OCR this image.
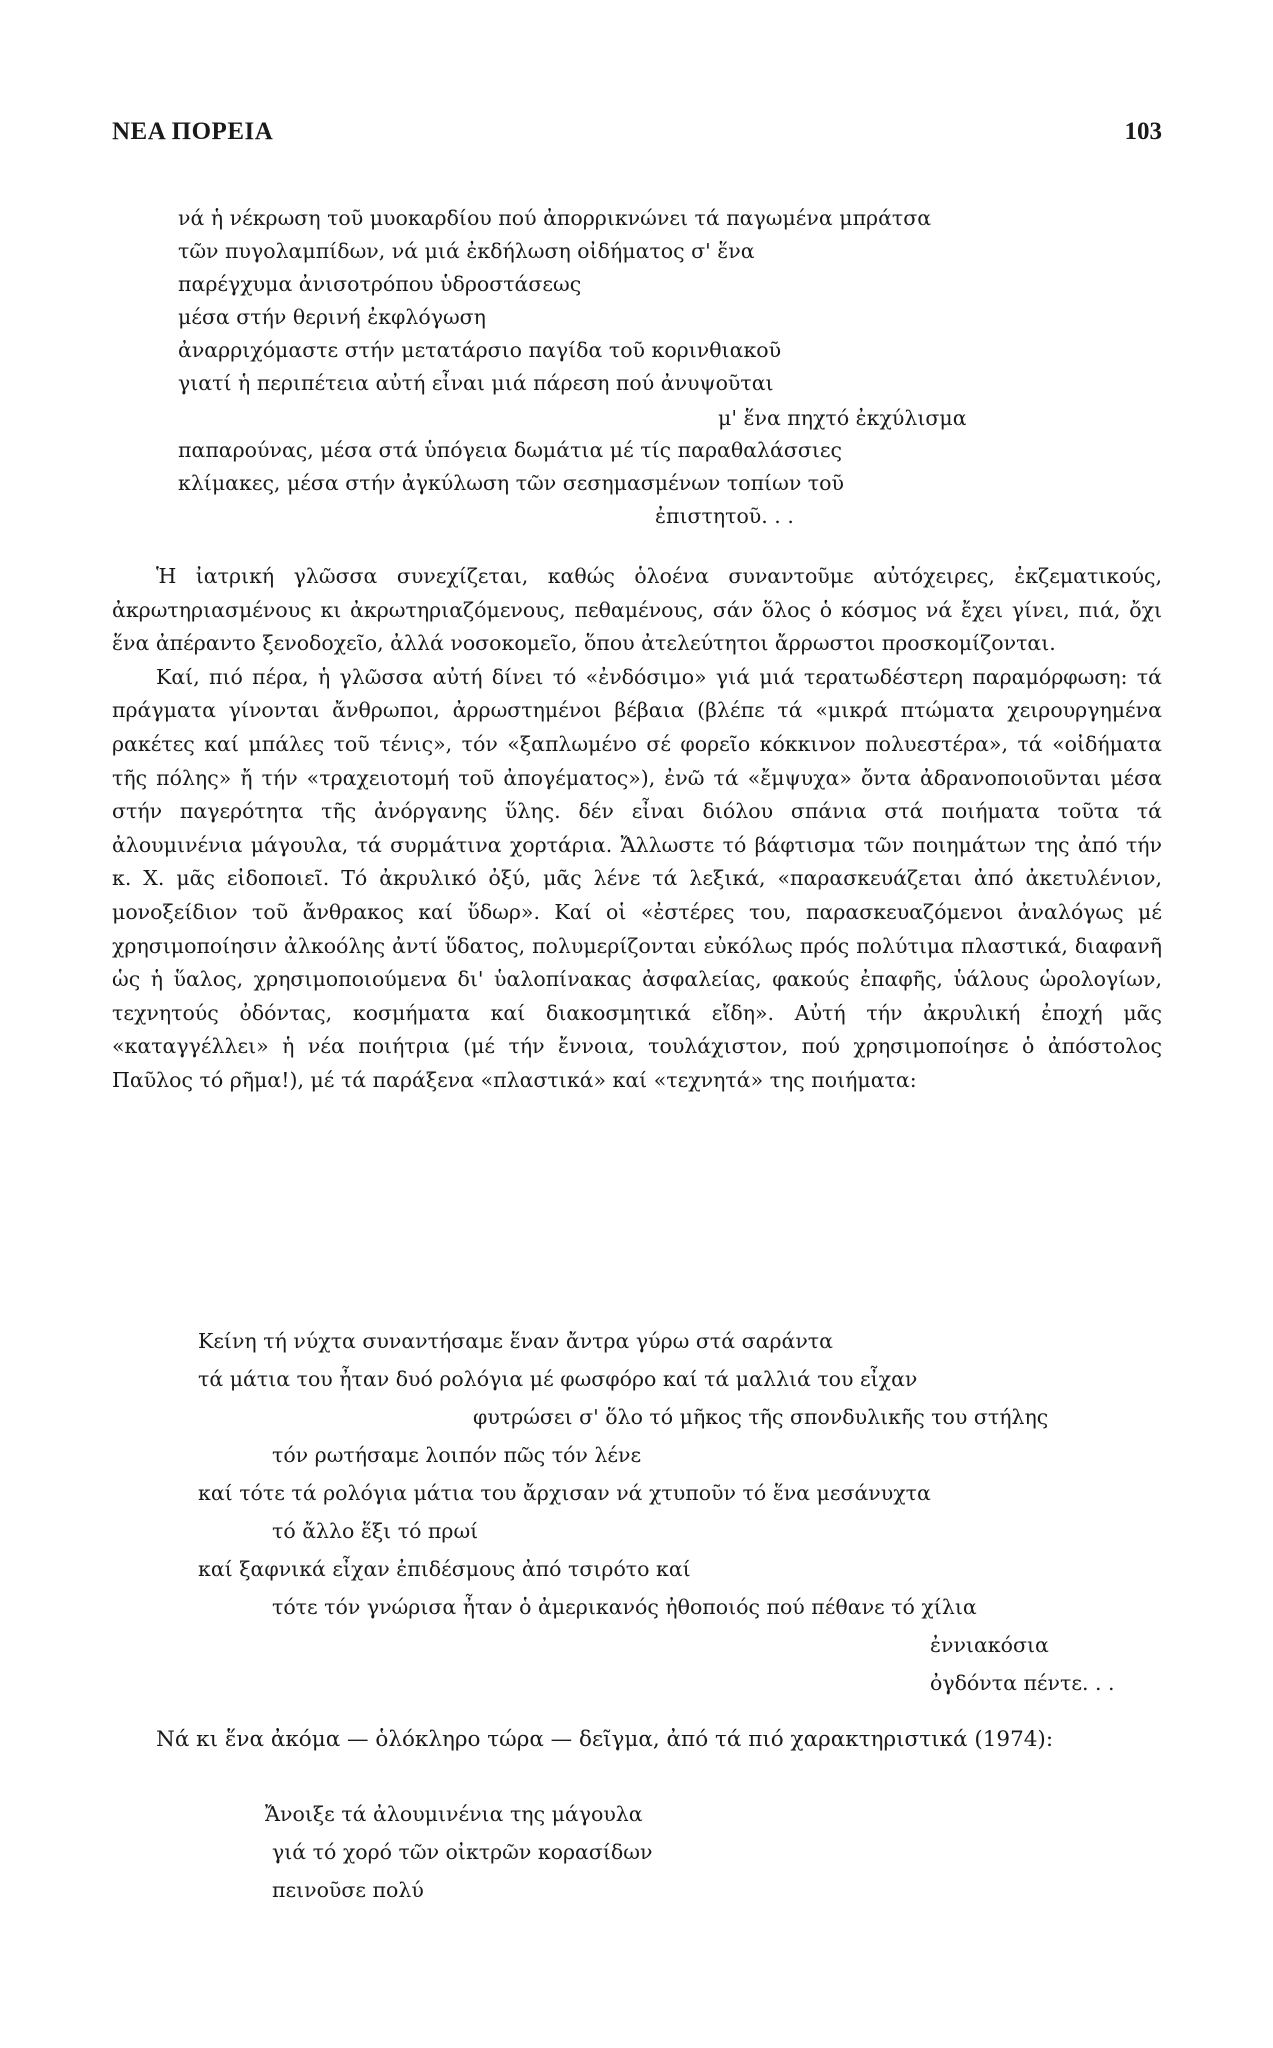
ΝΕΑ ΠΟΡΕΙΑ	103
νά ἡ νέκρωση τοῦ μυοκαρδίου πού ἀπορρικνώνει τά παγωμένα μπράτσα
τῶν πυγολαμπίδων, νά μιά ἐκδήλωση οἰδήματος σ' ἕνα
παρέγχυμα ἀνισοτρόπου ὑδροστάσεως
μέσα στήν θερινή ἐκφλόγωση
ἀναρριχόμαστε στήν μετατάρσιο παγίδα τοῦ κορινθιακοῦ
γιατί ἡ περιπέτεια αὐτή εἶναι μιά πάρεση πού ἀνυψοῦται
μ' ἕνα πηχτό ἐκχύλισμα
παπαρούνας, μέσα στά ὑπόγεια δωμάτια μέ τίς παραθαλάσσιες
κλίμακες, μέσα στήν ἀγκύλωση τῶν σεσημασμένων τοπίων τοῦ
ἐπιστητοῦ. . .

Ἡ ἰατρική γλῶσσα συνεχίζεται, καθώς ὁλοένα συναντοῦμε αὐτόχειρες, ἐκζεματικούς, ἀκρωτηριασμένους κι ἀκρωτηριαζόμενους, πεθαμένους, σάν ὅλος ὁ κόσμος νά ἔχει γίνει, πιά, ὄχι ἕνα ἀπέραντο ξενοδοχεῖο, ἀλλά νοσοκομεῖο, ὅπου ἀτελεύτητοι ἄρρωστοι προσκομίζονται.

Καί, πιό πέρα, ἡ γλῶσσα αὐτή δίνει τό «ἐνδόσιμο» γιά μιά τερατωδέστερη παραμόρφωση: τά πράγματα γίνονται ἄνθρωποι, ἀρρωστημένοι βέβαια (βλέπε τά «μικρά πτώματα χειρουργημένα ρακέτες καί μπάλες τοῦ τένις», τόν «ξαπλωμένο σέ φορεῖο κόκκινον πολυεστέρα», τά «οἰδήματα τῆς πόλης» ἤ τήν «τραχειοτομή τοῦ ἀπογέματος»), ἐνῶ τά «ἔμψυχα» ὄντα ἀδρανοποιοῦνται μέσα στήν παγερότητα τῆς ἀνόργανης ὕλης. δέν εἶναι διόλου σπάνια στά ποιήματα τοῦτα τά ἀλουμινένια μάγουλα, τά συρμάτινα χορτάρια. Ἄλλωστε τό βάφτισμα τῶν ποιημάτων της ἀπό τήν κ. Χ. μᾶς εἰδοποιεῖ. Τό ἀκρυλικό ὀξύ, μᾶς λένε τά λεξικά, «παρασκευάζεται ἀπό ἀκετυλένιον, μονοξείδιον τοῦ ἄνθρακος καί ὕδωρ». Καί οἱ «ἐστέρες του, παρασκευαζόμενοι ἀναλόγως μέ χρησιμοποίησιν ἀλκοόλης ἀντί ὕδατος, πολυμερίζονται εὐκόλως πρός πολύτιμα πλαστικά, διαφανῆ ὡς ἡ ὕαλος, χρησιμοποιούμενα δι' ὑαλοπίνακας ἀσφαλείας, φακούς ἐπαφῆς, ὑάλους ὡρολογίων, τεχνητούς ὀδόντας, κοσμήματα καί διακοσμητικά εἴδη». Αὐτή τήν ἀκρυλική ἐποχή μᾶς «καταγγέλλει» ἡ νέα ποιήτρια (μέ τήν ἔννοια, τουλάχιστον, πού χρησιμοποίησε ὁ ἀπόστολος Παῦλος τό ρῆμα!), μέ τά παράξενα «πλαστικά» καί «τεχνητά» της ποιήματα:

Κείνη τή νύχτα συναντήσαμε ἕναν ἄντρα γύρω στά σαράντα
τά μάτια του ἦταν δυό ρολόγια μέ φωσφόρο καί τά μαλλιά του εἶχαν
φυτρώσει σ' ὅλο τό μῆκος τῆς σπονδυλικῆς του στήλης
τόν ρωτήσαμε λοιπόν πῶς τόν λένε
καί τότε τά ρολόγια μάτια του ἄρχισαν νά χτυποῦν τό ἕνα μεσάνυχτα
τό ἄλλο ἕξι τό πρωί
καί ξαφνικά εἶχαν ἐπιδέσμους ἀπό τσιρότο καί
τότε τόν γνώρισα ἦταν ὁ ἀμερικανός ἠθοποιός πού πέθανε τό χίλια
ἐννιακόσια
ὀγδόντα πέντε. . .
Νά κι ἕνα ἀκόμα — ὁλόκληρο τώρα — δεῖγμα, ἀπό τά πιό χαρακτηριστικά (1974):
Ἄνοιξε τά ἀλουμινένια της μάγουλα
γιά τό χορό τῶν οἰκτρῶν κορασίδων
πεινοῦσε πολύ
